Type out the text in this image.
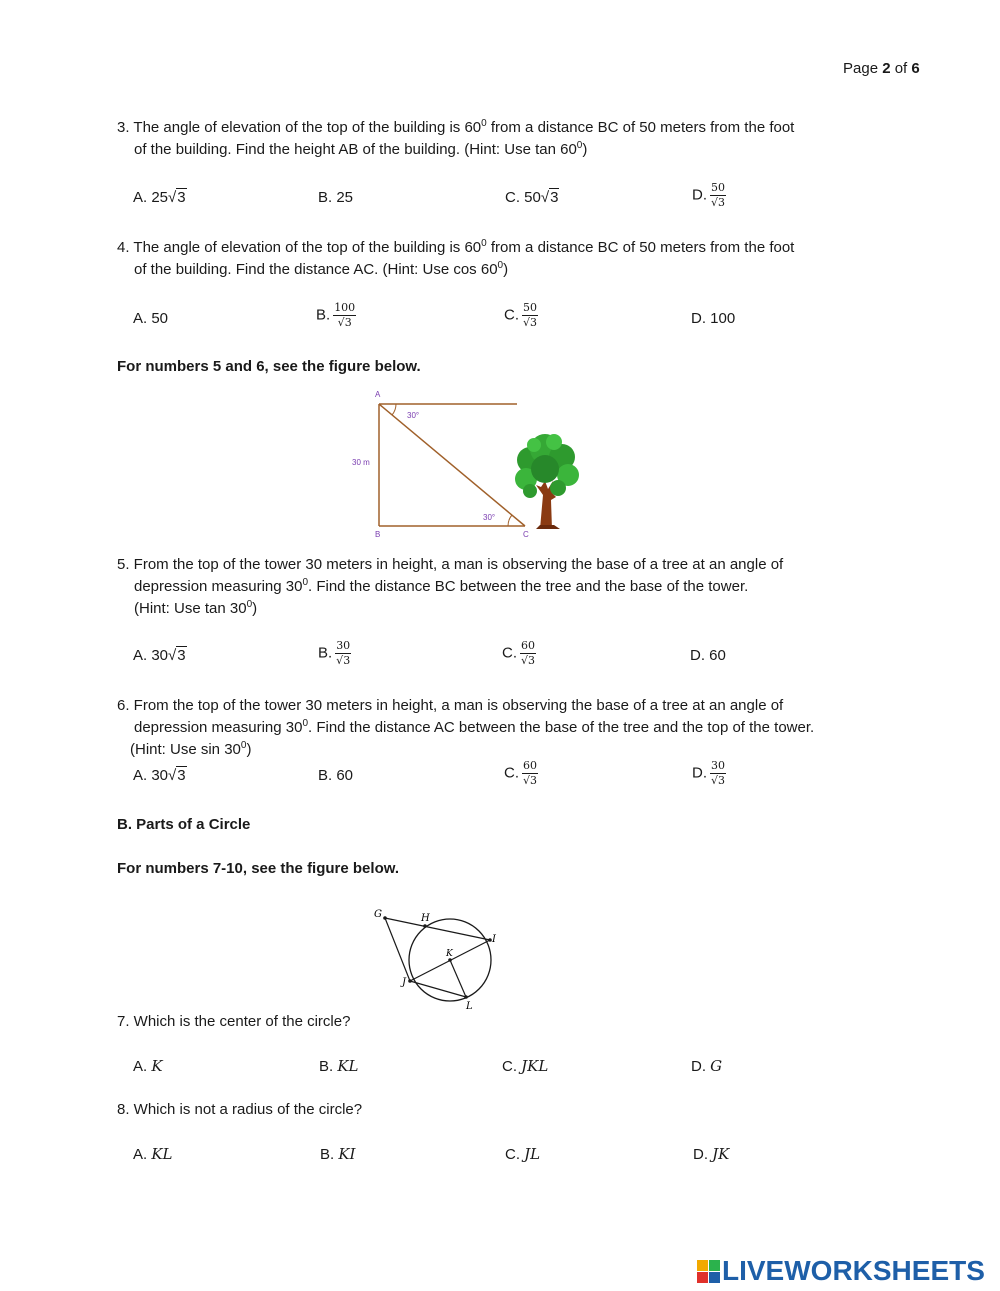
Page 2 of 6
3. The angle of elevation of the top of the building is $60^0$ from a distance BC of 50 meters from the foot
of the building. Find the height AB of the building. (Hint: Use $\tan 60^0$)
A. 25√3	B. 25	C. 50√3	D. $\frac{50}{√3}$
4. The angle of elevation of the top of the building is $60^0$ from a distance BC of 50 meters from the foot
of the building. Find the distance AC. (Hint: Use $\cos 60^0$)
A. 50	B. $\frac{100}{√3}$	C. $\frac{50}{√3}$	D. 100
For numbers 5 and 6, see the figure below.
A
B	C
30 m
30°
30°
5. From the top of the tower 30 meters in height, a man is observing the base of a tree at an angle of
depression measuring $30^0$. Find the distance BC between the tree and the base of the tower.
(Hint: Use $\tan 30^0$)
A. 30√3	B. $\frac{30}{√3}$	C. $\frac{60}{√3}$	D. 60
6. From the top of the tower 30 meters in height, a man is observing the base of a tree at an angle of
depression measuring $30^0$. Find the distance AC between the base of the tree and the top of the tower.
(Hint: Use $\sin 30^0$)
A. 30√3	B. 60	C. $\frac{60}{√3}$	D. $\frac{30}{√3}$
B. Parts of a Circle
For numbers 7-10, see the figure below.
G	H
I
J
K
L
7. Which is the center of the circle?
A. K	B. KL	C. JKL	D. G
8. Which is not a radius of the circle?
A. KL	B. KI	C. JL	D. JK
LIVEWORKSHEETS
